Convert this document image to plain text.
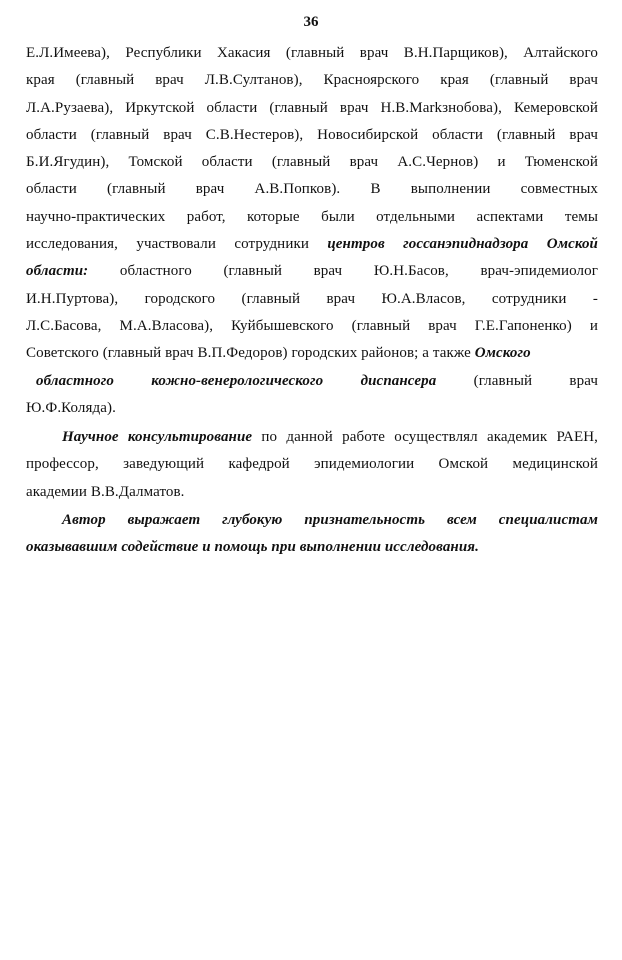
36
Е.Л.Имеева), Республики Хакасия (главный врач В.Н.Парщиков), Алтайского
края (главный врач Л.В.Султанов), Красноярского края (главный врач
Л.А.Рузаева), Иркутской области (главный врач Н.В.Markзнобова), Кемеровской
области (главный врач С.В.Нестеров), Новосибирской области (главный врач
Б.И.Ягудин), Томской области (главный врач А.С.Чернов) и Тюменской
области (главный врач А.В.Попков). В выполнении совместных
научно-практических работ, которые были отдельными аспектами темы
исследования, участвовали сотрудники центров госсанэпиднадзора Омской
области: областного (главный врач Ю.Н.Басов, врач-эпидемиолог
И.Н.Пуртова), городского (главный врач Ю.А.Власов, сотрудники -
Л.С.Басова, М.А.Власова), Куйбышевского (главный врач Г.Е.Гапоненко) и
Советского (главный врач В.П.Федоров) городских районов; а также Омского
областного кожно-венерологического диспансера (главный врач
Ю.Ф.Коляда).
Научное консультирование по данной работе осуществлял академик РАЕН,
профессор, заведующий кафедрой эпидемиологии Омской медицинской
академии В.В.Далматов.
Автор выражает глубокую признательность всем специалистам
оказывавшим содействие и помощь при выполнении исследования.
